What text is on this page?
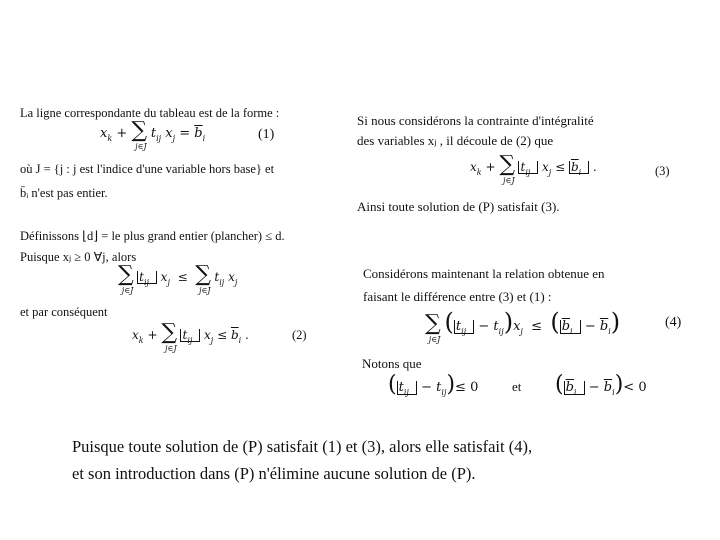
La ligne correspondante du tableau est de la forme :
$x_k + \sum_{j\in J}$ $t_{ij}$ $x_j = \overline{b}_i$	(1)
où J = {j : j est l'indice d'une variable hors base} et
b̄ᵢ n'est pas entier.
Définissons ⌊d⌋ = le plus grand entier (plancher) ≤ d.
Puisque xⱼ ≥ 0 ∀j, alors
$\sum_{j\in J}$ $t_{ij}$  $x_j \le \sum_{j\in J}$ $t_{ij}$ $x_j$
et par conséquent
$x_k + \sum_{j\in J}$ $t_{ij}$  $x_j \le \overline{b}_i$ .	(2)
Si nous considérons la contrainte d'intégralité
des variables xⱼ , il découle de (2) que
$x_k + \sum_{j\in J}$ $t_{ij}$  $x_j \le \overline{b}_i$  .	(3)
Ainsi toute solution de (P) satisfait (3).
Considérons maintenant la relation obtenue en
faisant le différence entre (3) et (1) :
$\sum_{j\in J}$ ( $t_{ij} - t_{ij})x_j$  ≤  ( $\overline{b}_i - \overline{b}_i$)	(4)
Notons que
( $t_{ij} - t_{ij})\le 0$	et ( $\overline{b}_i - \overline{b}_i)< 0$
Puisque toute solution de (P) satisfait (1) et (3), alors elle satisfait (4),
et son introduction dans (P) n'élimine aucune solution de (P).
